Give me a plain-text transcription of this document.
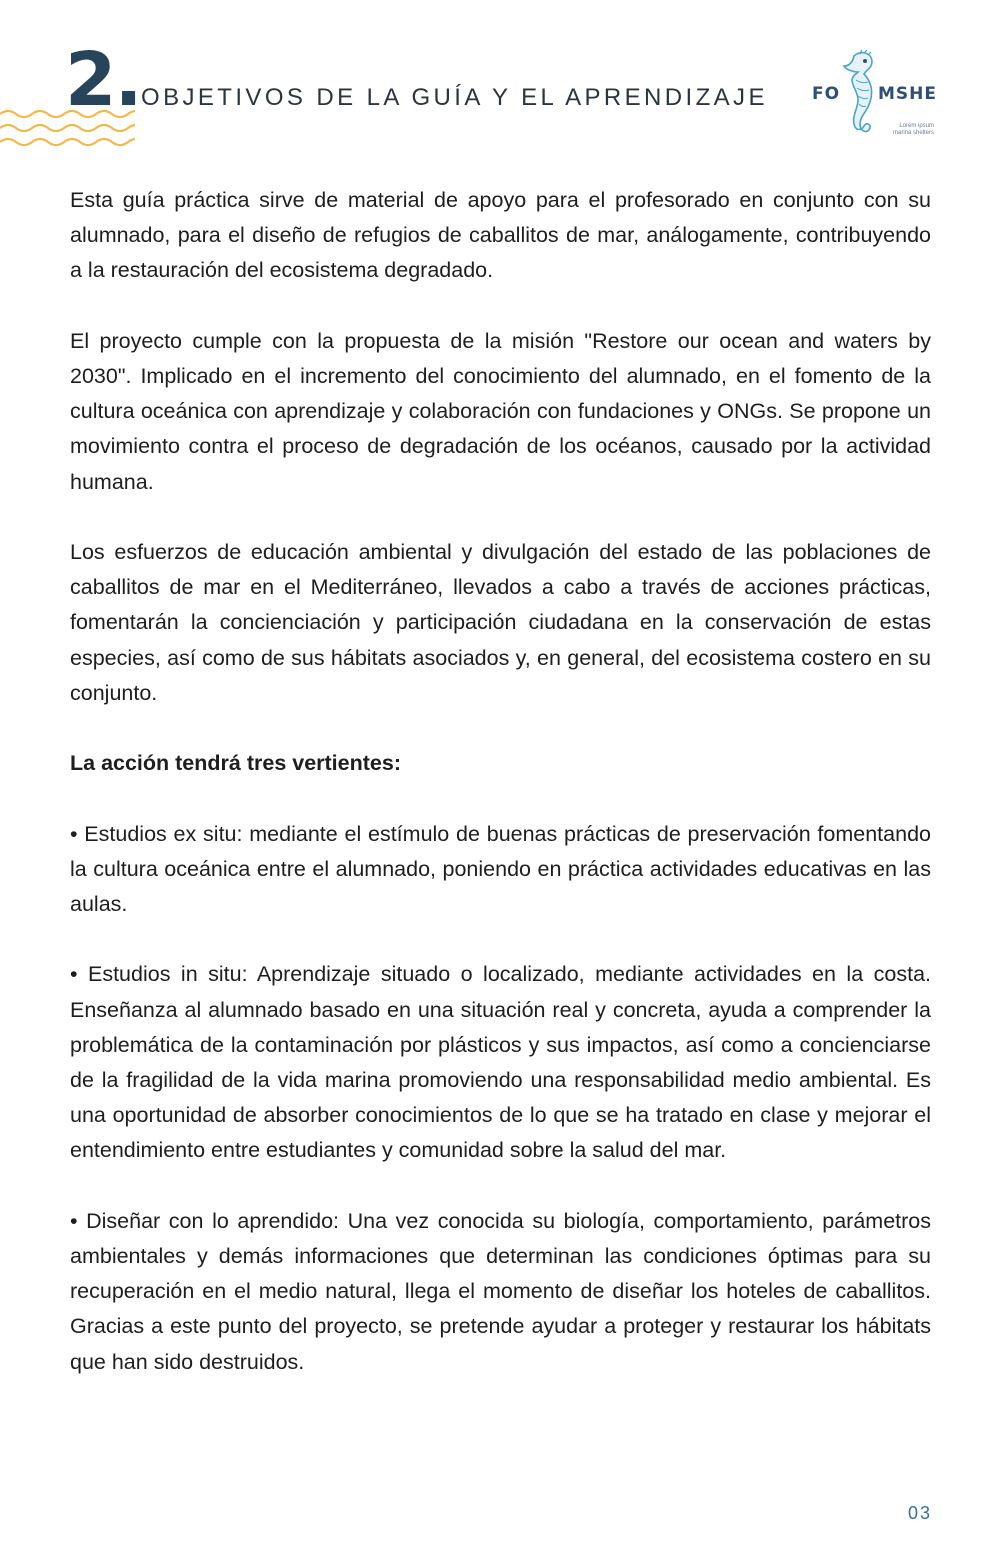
2. OBJETIVOS DE LA GUÍA Y EL APRENDIZAJE	FO MSHE
Lorem ipsum
marina shelters

Esta guía práctica sirve de material de apoyo para el profesorado en conjunto con su alumnado, para el diseño de refugios de caballitos de mar, análogamente, contribuyendo a la restauración del ecosistema degradado.

El proyecto cumple con la propuesta de la misión "Restore our ocean and waters by 2030". Implicado en el incremento del conocimiento del alumnado, en el fomento de la cultura oceánica con aprendizaje y colaboración con fundaciones y ONGs. Se propone un movimiento contra el proceso de degradación de los océanos, causado por la actividad humana.

Los esfuerzos de educación ambiental y divulgación del estado de las poblaciones de caballitos de mar en el Mediterráneo, llevados a cabo a través de acciones prácticas, fomentarán la concienciación y participación ciudadana en la conservación de estas especies, así como de sus hábitats asociados y, en general, del ecosistema costero en su conjunto.

La acción tendrá tres vertientes:

• Estudios ex situ: mediante el estímulo de buenas prácticas de preservación fomentando la cultura oceánica entre el alumnado, poniendo en práctica actividades educativas en las aulas.

• Estudios in situ: Aprendizaje situado o localizado, mediante actividades en la costa. Enseñanza al alumnado basado en una situación real y concreta, ayuda a comprender la problemática de la contaminación por plásticos y sus impactos, así como a concienciarse de la fragilidad de la vida marina promoviendo una responsabilidad medio ambiental. Es una oportunidad de absorber conocimientos de lo que se ha tratado en clase y mejorar el entendimiento entre estudiantes y comunidad sobre la salud del mar.

• Diseñar con lo aprendido: Una vez conocida su biología, comportamiento, parámetros ambientales y demás informaciones que determinan las condiciones óptimas para su recuperación en el medio natural, llega el momento de diseñar los hoteles de caballitos. Gracias a este punto del proyecto, se pretende ayudar a proteger y restaurar los hábitats que han sido destruidos.

03
